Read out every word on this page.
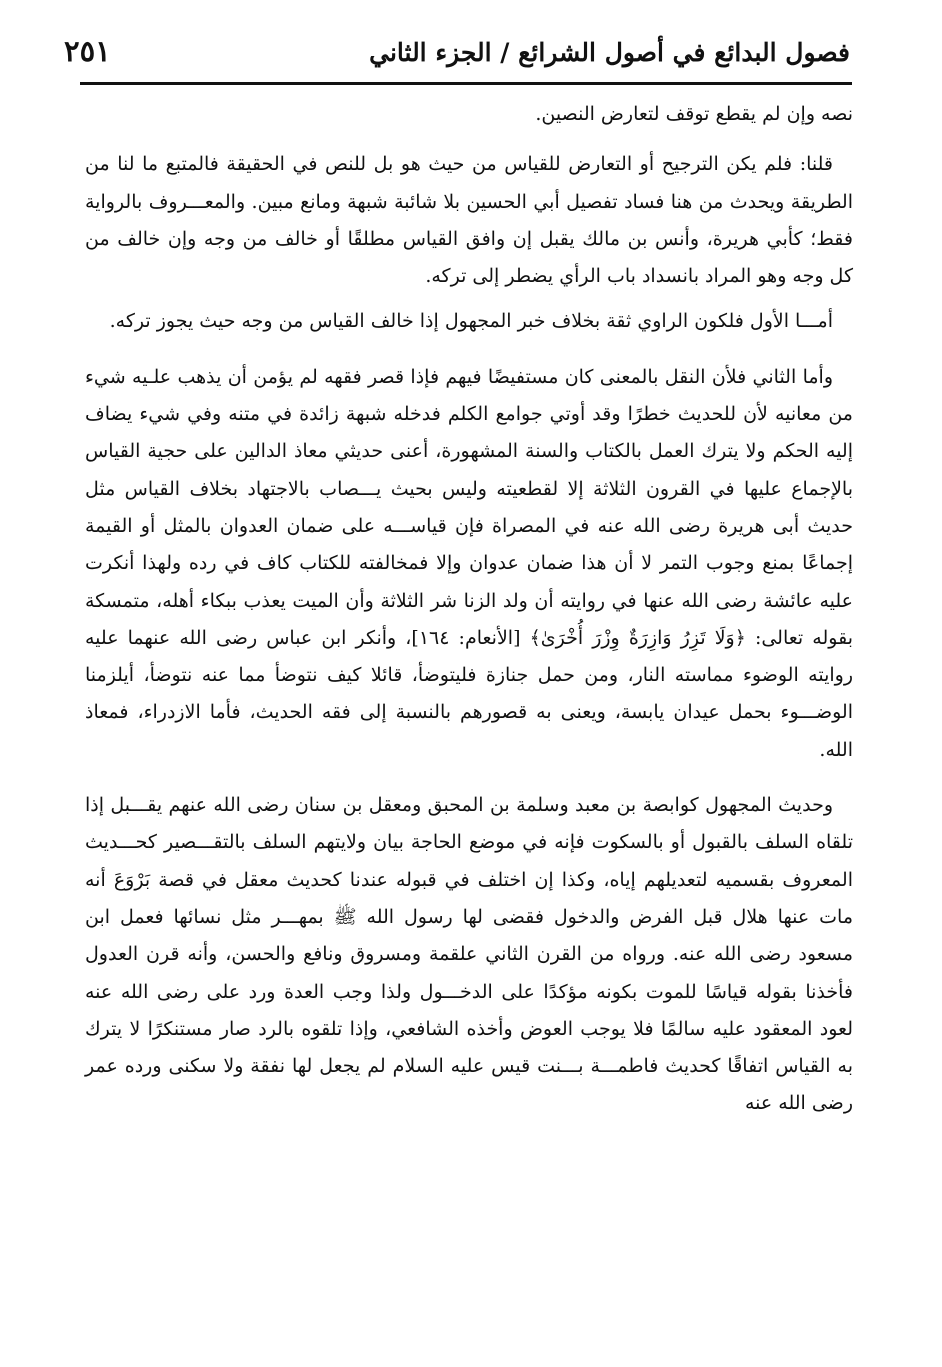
فصول البدائع في أصول الشرائع / الجزء الثاني
٢٥١

نصه وإن لم يقطع توقف لتعارض النصين.

قلنا: فلم يكن الترجيح أو التعارض للقياس من حيث هو بل للنص في الحقيقة فالمتبع ما لنا من الطريقة ويحدث من هنا فساد تفصيل أبي الحسين بلا شائبة شبهة ومانع مبين. والمعـــروف بالرواية فقط؛ كأبي هريرة، وأنس بن مالك يقبل إن وافق القياس مطلقًا أو خالف من وجه وإن خالف من كل وجه وهو المراد بانسداد باب الرأي يضطر إلى تركه.

أمـــا الأول فلكون الراوي ثقة بخلاف خبر المجهول إذا خالف القياس من وجه حيث يجوز تركه.

وأما الثاني فلأن النقل بالمعنى كان مستفيضًا فيهم فإذا قصر فقهه لم يؤمن أن يذهب علـيه شيء من معانيه لأن للحديث خطرًا وقد أوتي جوامع الكلم فدخله شبهة زائدة في متنه وفي شيء يضاف إليه الحكم ولا يترك العمل بالكتاب والسنة المشهورة، أعنى حديثي معاذ الدالين على حجية القياس بالإجماع عليها في القرون الثلاثة إلا لقطعيته وليس بحيث يـــصاب بالاجتهاد بخلاف القياس مثل حديث أبى هريرة رضى الله عنه في المصراة فإن قياســـه على ضمان العدوان بالمثل أو القيمة إجماعًا بمنع وجوب التمر لا أن هذا ضمان عدوان وإلا فمخالفته للكتاب كاف في رده ولهذا أنكرت عليه عائشة رضى الله عنها في روايته أن ولد الزنا شر الثلاثة وأن الميت يعذب ببكاء أهله، متمسكة بقوله تعالى: ﴿وَلَا تَزِرُ وَازِرَةٌ وِزْرَ أُخْرَىٰ﴾ [الأنعام: ١٦٤]، وأنكر ابن عباس رضى الله عنهما عليه روايته الوضوء مماسته النار، ومن حمل جنازة فليتوضأ، قائلا كيف نتوضأ مما عنه نتوضأ، أيلزمنا الوضـــوء بحمل عيدان يابسة، ويعنى به قصورهم بالنسبة إلى فقه الحديث، فأما الازدراء، فمعاذ الله.

وحديث المجهول كوابصة بن معبد وسلمة بن المحبق ومعقل بن سنان رضى الله عنهم يقـــبل إذا تلقاه السلف بالقبول أو بالسكوت فإنه في موضع الحاجة بيان ولايتهم السلف بالتقـــصير كحـــديث المعروف بقسميه لتعديلهم إياه، وكذا إن اختلف في قبوله عندنا كحديث معقل في قصة بَرْوَعَ أنه مات عنها هلال قبل الفرض والدخول فقضى لها رسول الله ﷺ بمهـــر مثل نسائها فعمل ابن مسعود رضى الله عنه. ورواه من القرن الثاني علقمة ومسروق ونافع والحسن، وأنه قرن العدول فأخذنا بقوله قياسًا للموت بكونه مؤكدًا على الدخـــول ولذا وجب العدة ورد على رضى الله عنه لعود المعقود عليه سالمًا فلا يوجب العوض وأخذه الشافعي، وإذا تلقوه بالرد صار مستنكرًا لا يترك به القياس اتفاقًا كحديث فاطمـــة بـــنت قيس عليه السلام لم يجعل لها نفقة ولا سكنى ورده عمر رضى الله عنه
